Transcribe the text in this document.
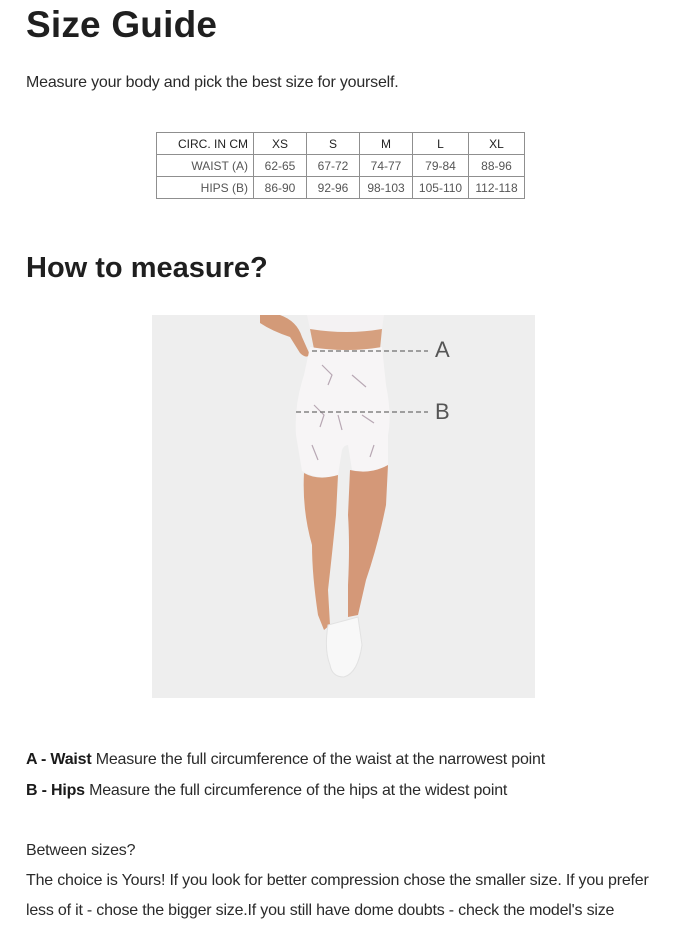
Size Guide

Measure your body and pick the best size for yourself.

CIRC. IN CM	XS	S	M	L	XL
WAIST (A)	62-65	67-72	74-77	79-84	88-96
HIPS (B)	86-90	92-96	98-103	105-110	112-118
How to measure?
A
B

A - Waist Measure the full circumference of the waist at the narrowest point

B - Hips Measure the full circumference of the hips at the widest point

Between sizes?

The choice is Yours! If you look for better compression chose the smaller size. If you prefer less of it - chose the bigger size.If you still have dome doubts - check the model's size
